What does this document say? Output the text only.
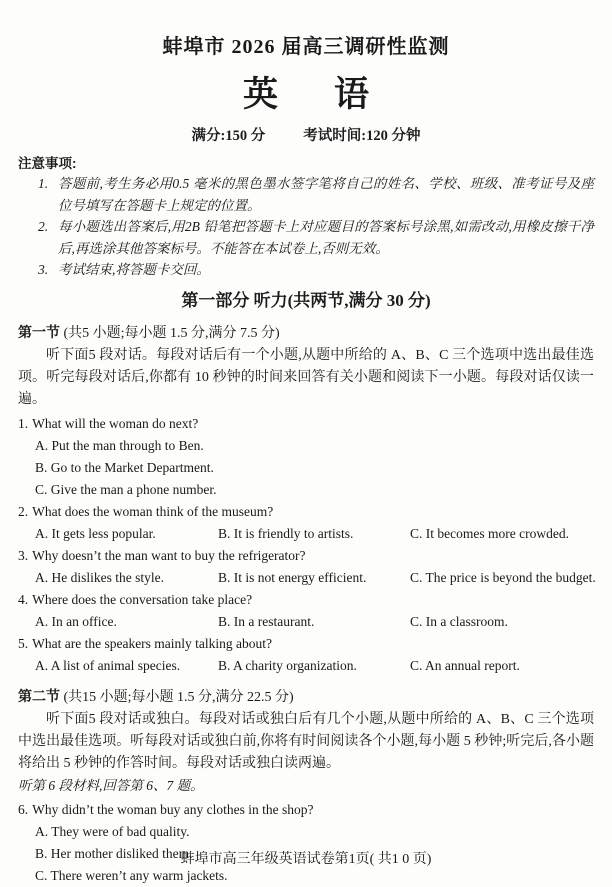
蚌埠市 2026 届高三调研性监测
英语
满分:150 分	考试时间:120 分钟
注意事项:
1. 答题前,考生务必用0.5 毫米的黑色墨水签字笔将自己的姓名、学校、班级、准考证号及座位号填写在答题卡上规定的位置。
2. 每小题选出答案后,用2B 铅笔把答题卡上对应题目的答案标号涂黑,如需改动,用橡皮擦干净后,再选涂其他答案标号。不能答在本试卷上,否则无效。
3. 考试结束,将答题卡交回。
第一部分 听力(共两节,满分 30 分)
第一节 (共5 小题;每小题 1.5 分,满分 7.5 分)
听下面5 段对话。每段对话后有一个小题,从题中所给的 A、B、C 三个选项中选出最佳选项。听完每段对话后,你都有 10 秒钟的时间来回答有关小题和阅读下一小题。每段对话仅读一遍。
1. What will the woman do next?
A. Put the man through to Ben.
B. Go to the Market Department.
C. Give the man a phone number.
2. What does the woman think of the museum?
A. It gets less popular.	B. It is friendly to artists.	C. It becomes more crowded.
3. Why doesn’t the man want to buy the refrigerator?
A. He dislikes the style.	B. It is not energy efficient.	C. The price is beyond the budget.
4. Where does the conversation take place?
A. In an office.	B. In a restaurant.	C. In a classroom.
5. What are the speakers mainly talking about?
A. A list of animal species.	B. A charity organization.	C. An annual report.
第二节 (共15 小题;每小题 1.5 分,满分 22.5 分)
听下面5 段对话或独白。每段对话或独白后有几个小题,从题中所给的 A、B、C 三个选项中选出最佳选项。听每段对话或独白前,你将有时间阅读各个小题,每小题 5 秒钟;听完后,各小题将给出 5 秒钟的作答时间。每段对话或独白读两遍。
听第 6 段材料,回答第 6、7 题。
6. Why didn’t the woman buy any clothes in the shop?
A. They were of bad quality.
B. Her mother disliked them.
C. There weren’t any warm jackets.
蚌埠市高三年级英语试卷第1页( 共1 0 页)
